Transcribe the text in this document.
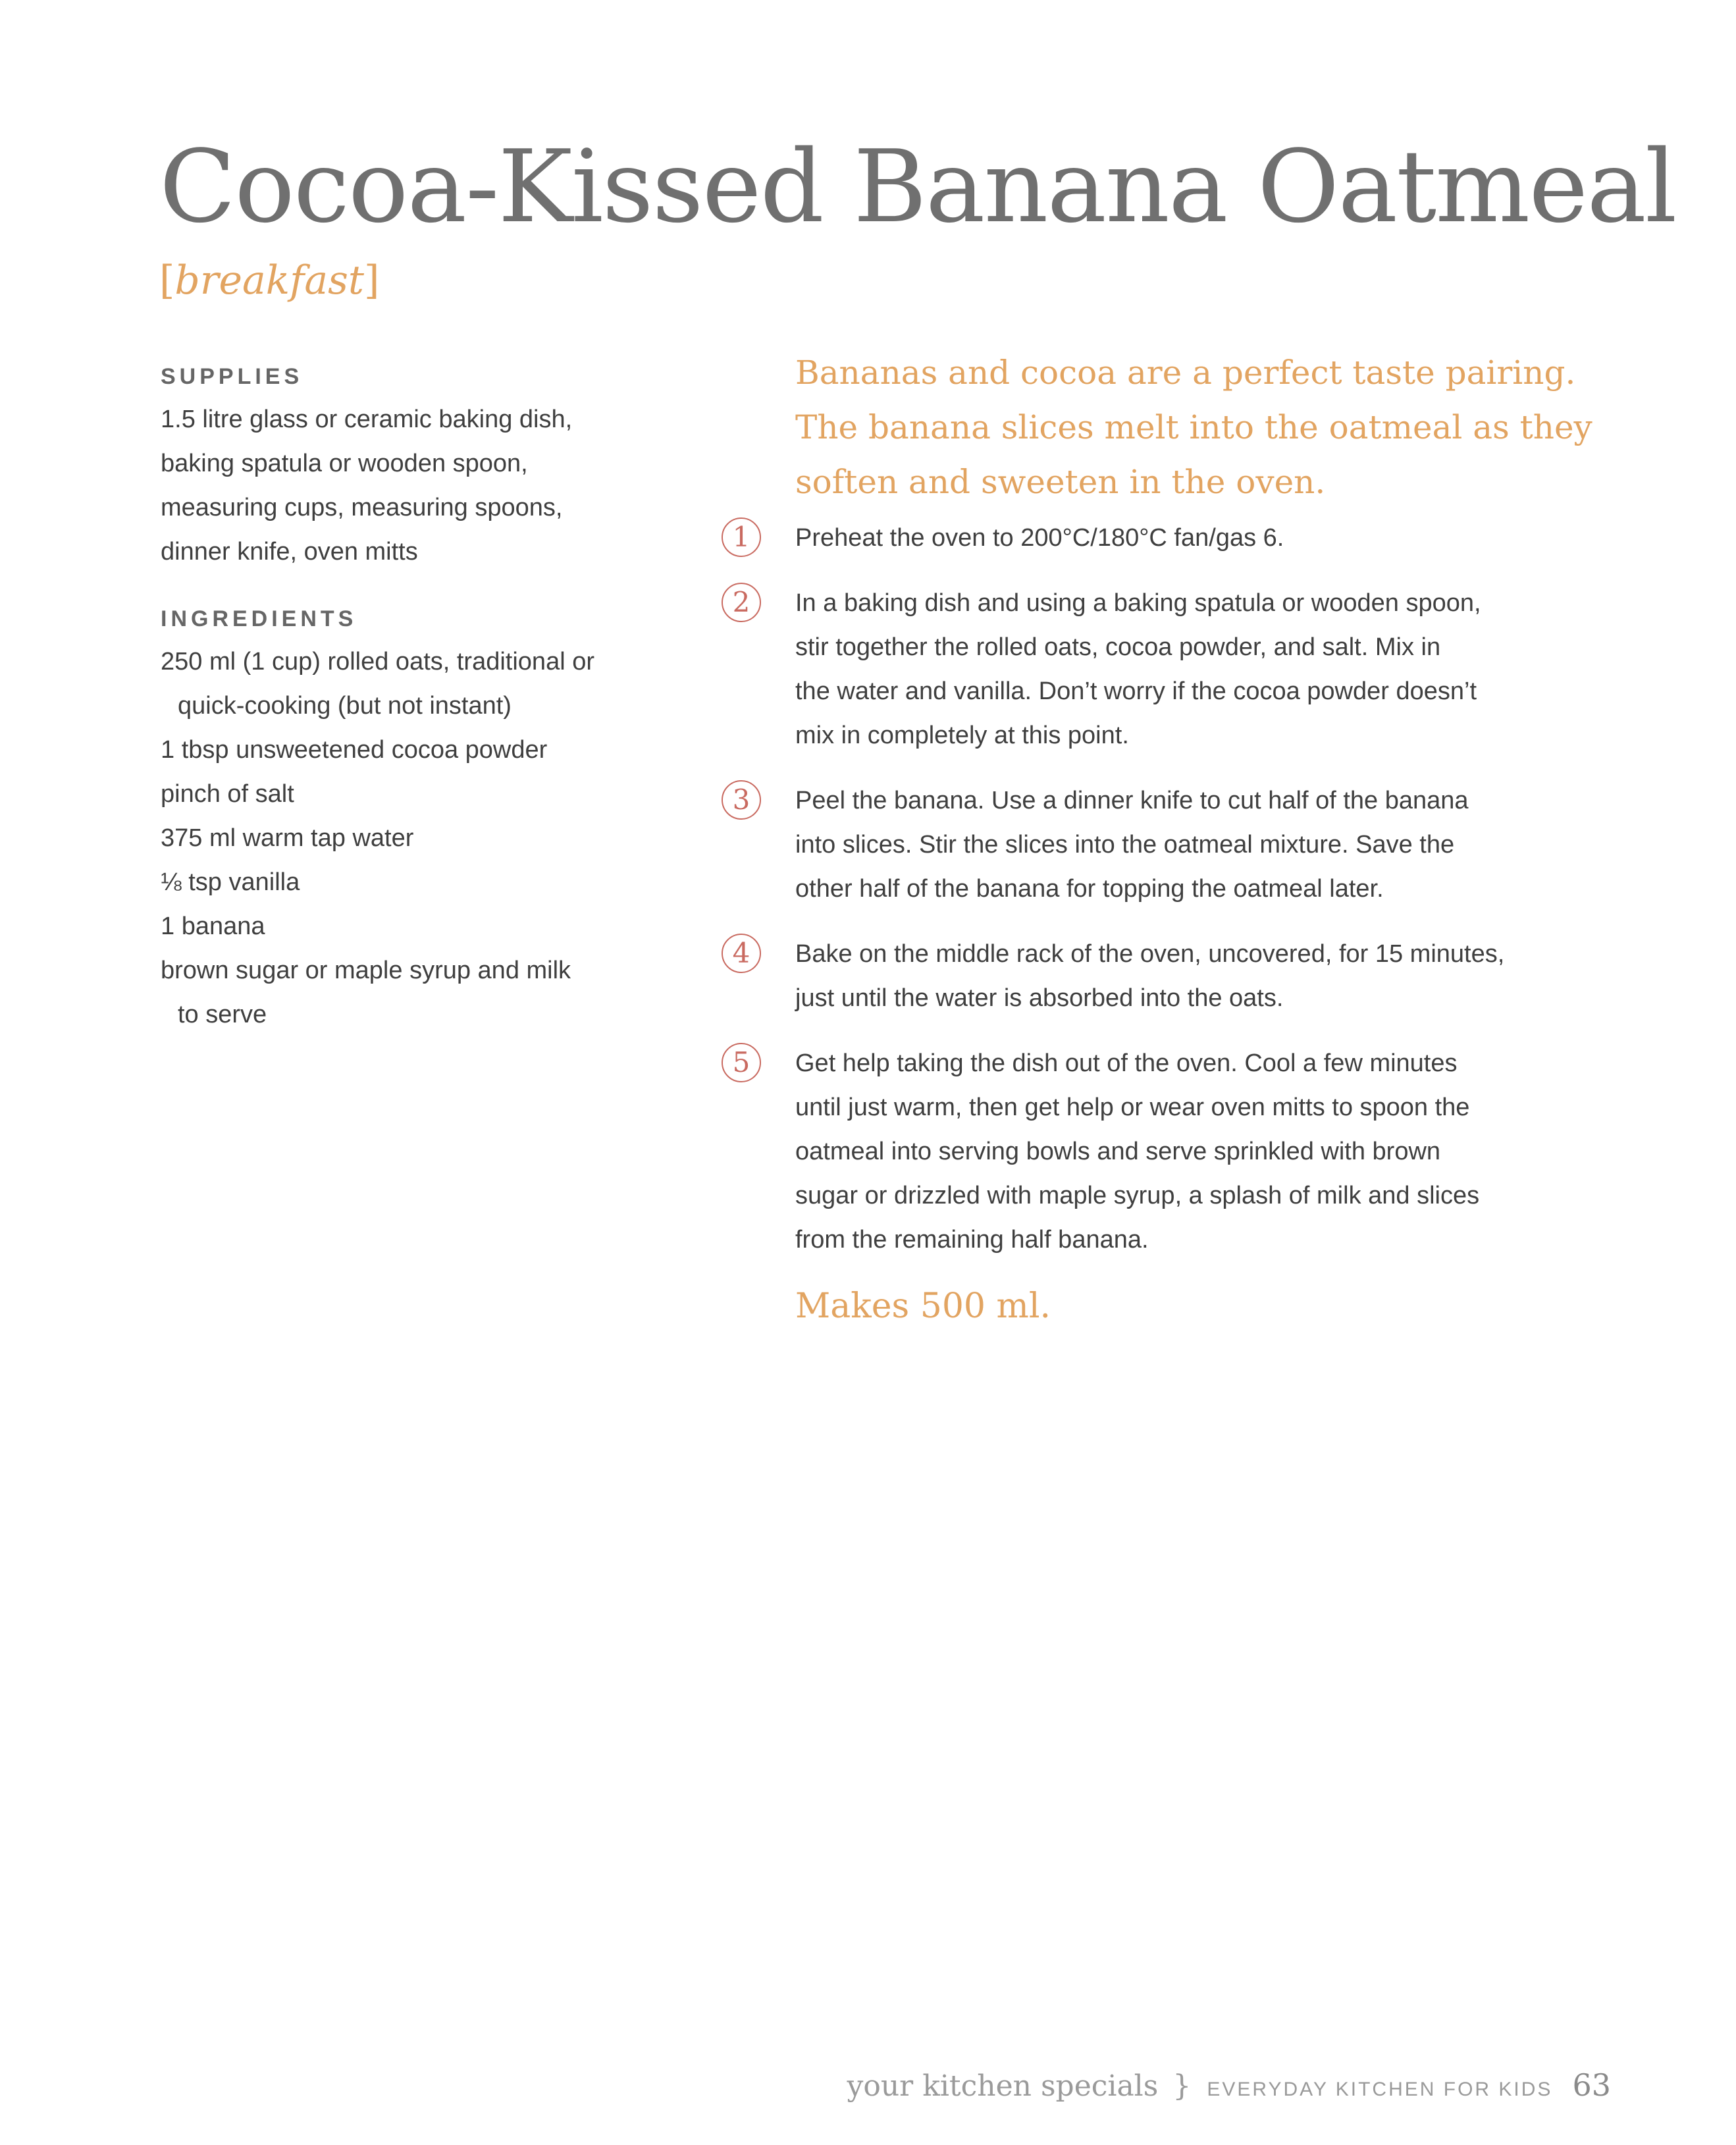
Cocoa-Kissed Banana Oatmeal
[breakfast]
SUPPLIES
1.5 litre glass or ceramic baking dish,
baking spatula or wooden spoon,
measuring cups, measuring spoons,
dinner knife, oven mitts
INGREDIENTS
250 ml (1 cup) rolled oats, traditional or
quick-cooking (but not instant)
1 tbsp unsweetened cocoa powder
pinch of salt
375 ml warm tap water
⅛ tsp vanilla
1 banana
brown sugar or maple syrup and milk
to serve

Bananas and cocoa are a perfect taste pairing.
The banana slices melt into the oatmeal as they
soften and sweeten in the oven.

1	Preheat the oven to 200°C/180°C fan/gas 6.
2	In a baking dish and using a baking spatula or wooden spoon,
stir together the rolled oats, cocoa powder, and salt. Mix in
the water and vanilla. Don’t worry if the cocoa powder doesn’t
mix in completely at this point.
3	Peel the banana. Use a dinner knife to cut half of the banana
into slices. Stir the slices into the oatmeal mixture. Save the
other half of the banana for topping the oatmeal later.
4	Bake on the middle rack of the oven, uncovered, for 15 minutes,
just until the water is absorbed into the oats.
5	Get help taking the dish out of the oven. Cool a few minutes
until just warm, then get help or wear oven mitts to spoon the
oatmeal into serving bowls and serve sprinkled with brown
sugar or drizzled with maple syrup, a splash of milk and slices
from the remaining half banana.
Makes 500 ml.
your kitchen specials } EVERYDAY KITCHEN FOR KIDS 63
